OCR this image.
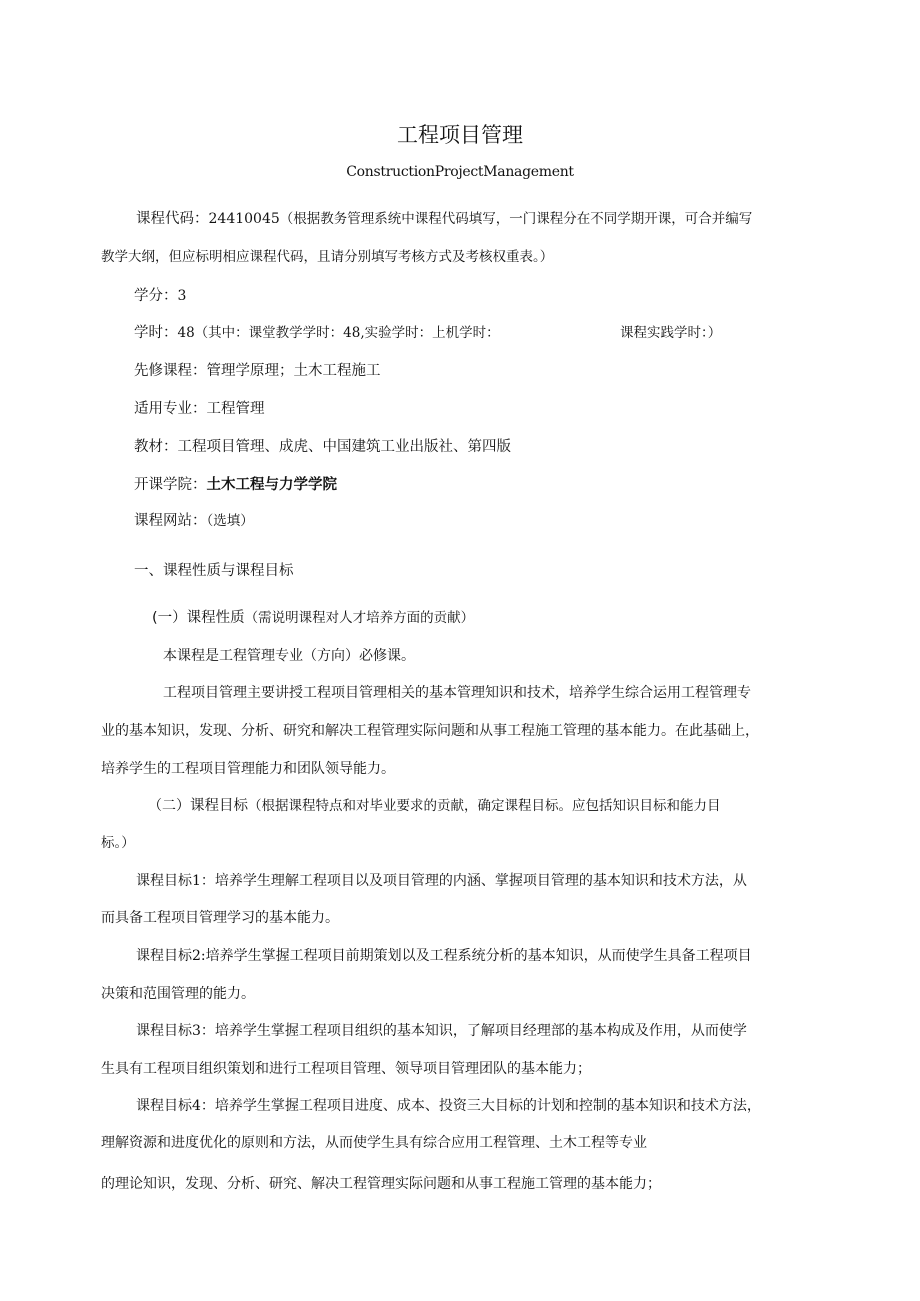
工程项目管理
ConstructionProjectManagement
课程代码：24410045（根据教务管理系统中课程代码填写，一门课程分在不同学期开课，可合并编写
教学大纲，但应标明相应课程代码，且请分别填写考核方式及考核权重表。）
学分：3
学时：48（其中：课堂教学学时：48,实验学时：上机学时：	课程实践学时：）
先修课程：管理学原理；土木工程施工
适用专业：工程管理
教材：工程项目管理、成虎、中国建筑工业出版社、第四版
开课学院：土木工程与力学学院
课程网站：（选填）
一、课程性质与课程目标
(一）课程性质（需说明课程对人才培养方面的贡献）
本课程是工程管理专业（方向）必修课。
工程项目管理主要讲授工程项目管理相关的基本管理知识和技术，培养学生综合运用工程管理专
业的基本知识，发现、分析、研究和解决工程管理实际问题和从事工程施工管理的基本能力。在此基础上，
培养学生的工程项目管理能力和团队领导能力。
（二）课程目标（根据课程特点和对毕业要求的贡献，确定课程目标。应包括知识目标和能力目
标。）
课程目标1：培养学生理解工程项目以及项目管理的内涵、掌握项目管理的基本知识和技术方法，从
而具备工程项目管理学习的基本能力。
课程目标2:培养学生掌握工程项目前期策划以及工程系统分析的基本知识，从而使学生具备工程项目
决策和范围管理的能力。
课程目标3：培养学生掌握工程项目组织的基本知识，了解项目经理部的基本构成及作用，从而使学
生具有工程项目组织策划和进行工程项目管理、领导项目管理团队的基本能力；
课程目标4：培养学生掌握工程项目进度、成本、投资三大目标的计划和控制的基本知识和技术方法，
理解资源和进度优化的原则和方法，从而使学生具有综合应用工程管理、土木工程等专业
的理论知识，发现、分析、研究、解决工程管理实际问题和从事工程施工管理的基本能力；
